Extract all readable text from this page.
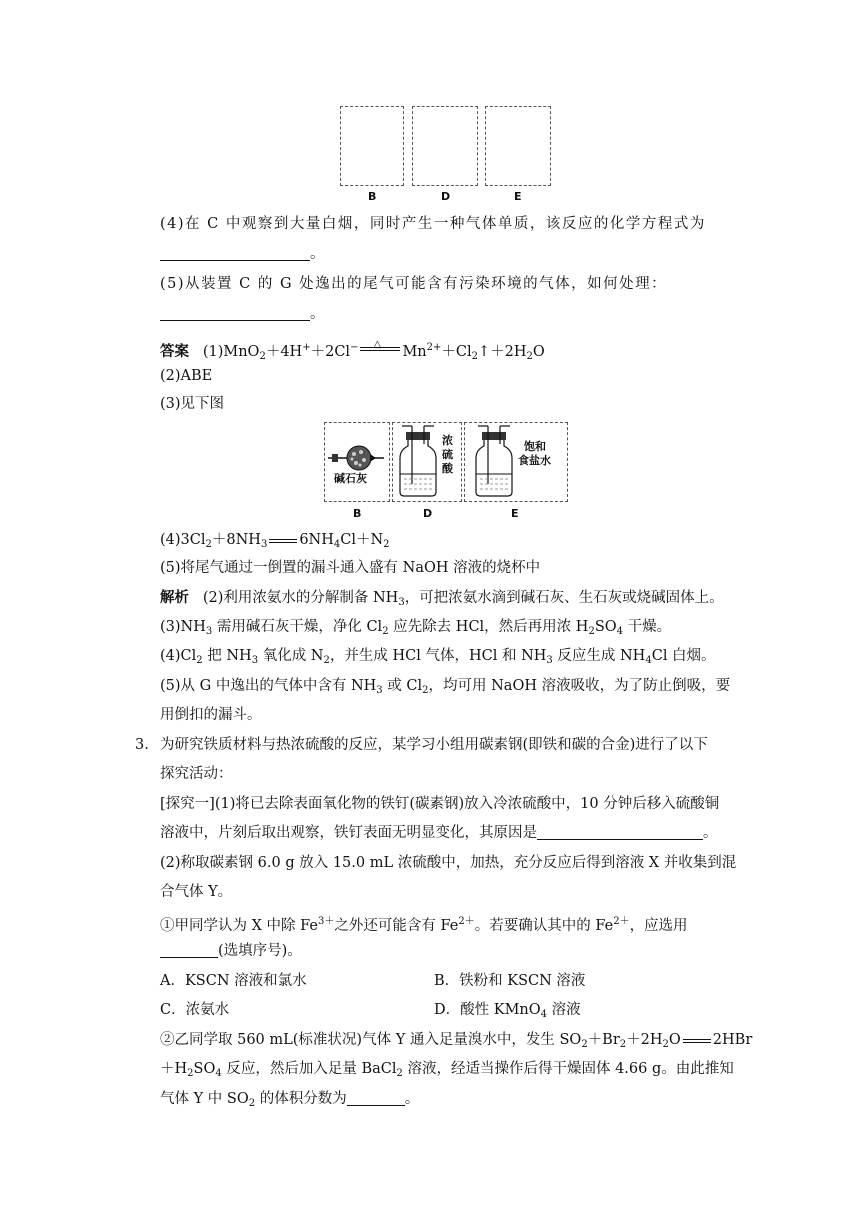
B	D	E
(4)在 C 中观察到大量白烟，同时产生一种气体单质，该反应的化学方程式为
。
(5)从装置 C 的 G 处逸出的尾气可能含有污染环境的气体，如何处理：
。
答案 (1)MnO$_2$＋4H+＋2Cl− △ $Mn^{2+}+Cl_2↑+2H_2O$
(2)ABE
(3)见下图
碱石灰
浓
硫
酸
饱和
食盐水
B	D	E
$(4)3Cl_2+8NH_3$ $6NH_4Cl+N_2$
(5)将尾气通过一倒置的漏斗通入盛有 NaOH 溶液的烧杯中
解析 (2)利用浓氨水的分解制备 $NH_3$，可把浓氨水滴到碱石灰、生石灰或烧碱固体上。
$(3)NH_3$ 需用碱石灰干燥，净化 $Cl_2$ 应先除去 HCl，然后再用浓 $H_2SO_4$ 干燥。
$(4)Cl_2$ 把 $NH_3$ 氧化成 $N_2$，并生成 HCl 气体，HCl 和 $NH_3$ 反应生成 $NH_4Cl$ 白烟。
(5)从 G 中逸出的气体中含有 $NH_3$ 或 $Cl_2$，均可用 NaOH 溶液吸收，为了防止倒吸，要
用倒扣的漏斗。
3. 为研究铁质材料与热浓硫酸的反应，某学习小组用碳素钢(即铁和碳的合金)进行了以下
探究活动：
[探究一](1)将已去除表面氧化物的铁钉(碳素钢)放入冷浓硫酸中，10 分钟后移入硫酸铜
溶液中，片刻后取出观察，铁钉表面无明显变化，其原因是	。
(2)称取碳素钢 6.0 g 放入 15.0 mL 浓硫酸中，加热，充分反应后得到溶液 X 并收集到混
合气体 Y。
①甲同学认为 X 中除 $Fe^{3+}$之外还可能含有 $Fe^{2+}$。若要确认其中的 $Fe^{2+}$，应选用
(选填序号)。
A．KSCN 溶液和氯水	B．铁粉和 KSCN 溶液
C．浓氨水	D．酸性 KMnO$_4$ 溶液
②乙同学取 560 mL(标准状况)气体 Y 通入足量溴水中，发生 $SO_2+Br_2+2H_2O$ 2HBr
$+H_2SO_4$ 反应，然后加入足量 BaCl$_2$ 溶液，经适当操作后得干燥固体 4.66 g。由此推知
气体 Y 中 $SO_2$ 的体积分数为	。
